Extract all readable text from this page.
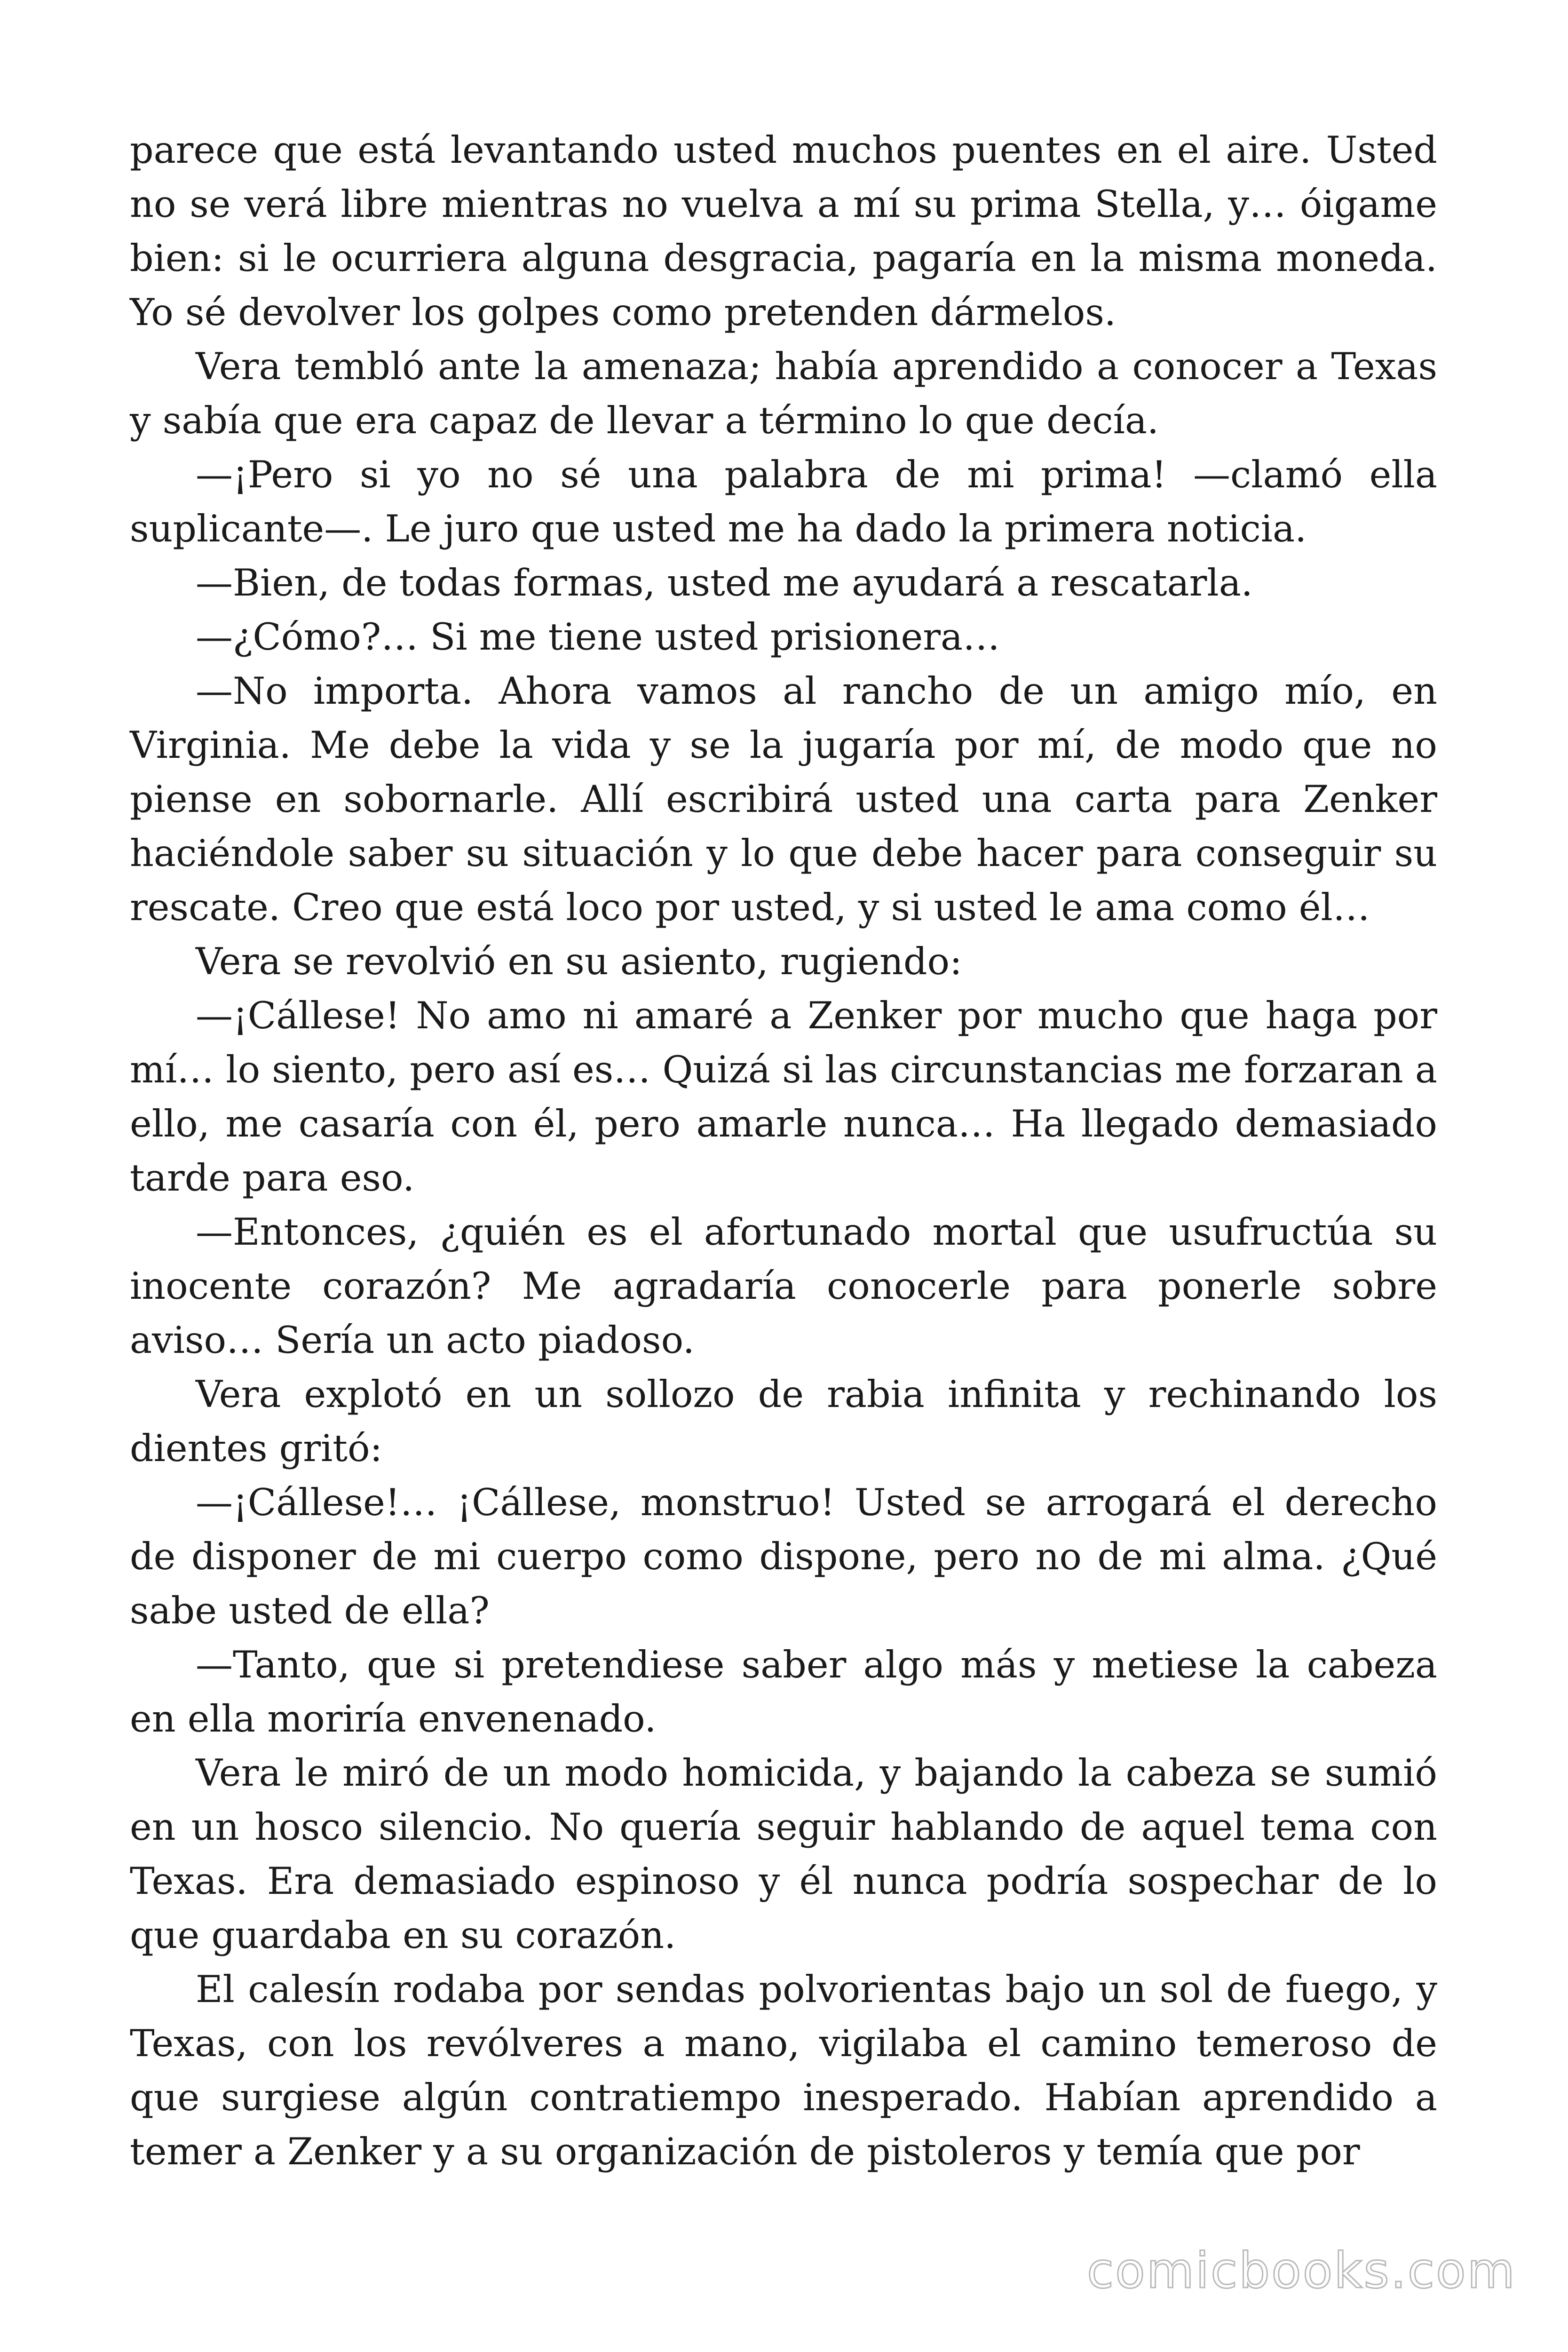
parece que está levantando usted muchos puentes en el aire. Usted no se verá libre mientras no vuelva a mí su prima Stella, y… óigame bien: si le ocurriera alguna desgracia, pagaría en la misma moneda. Yo sé devolver los golpes como pretenden dármelos.

Vera tembló ante la amenaza; había aprendido a conocer a Texas y sabía que era capaz de llevar a término lo que decía.

—¡Pero si yo no sé una palabra de mi prima! —clamó ella suplicante—. Le juro que usted me ha dado la primera noticia.

—Bien, de todas formas, usted me ayudará a rescatarla.

—¿Cómo?… Si me tiene usted prisionera…

—No importa. Ahora vamos al rancho de un amigo mío, en Virginia. Me debe la vida y se la jugaría por mí, de modo que no piense en sobornarle. Allí escribirá usted una carta para Zenker haciéndole saber su situación y lo que debe hacer para conseguir su rescate. Creo que está loco por usted, y si usted le ama como él…

Vera se revolvió en su asiento, rugiendo:

—¡Cállese! No amo ni amaré a Zenker por mucho que haga por mí… lo siento, pero así es… Quizá si las circunstancias me forzaran a ello, me casaría con él, pero amarle nunca… Ha llegado demasiado tarde para eso.

—Entonces, ¿quién es el afortunado mortal que usufructúa su inocente corazón? Me agradaría conocerle para ponerle sobre aviso… Sería un acto piadoso.

Vera explotó en un sollozo de rabia infinita y rechinando los dientes gritó:

—¡Cállese!… ¡Cállese, monstruo! Usted se arrogará el derecho de disponer de mi cuerpo como dispone, pero no de mi alma. ¿Qué sabe usted de ella?

—Tanto, que si pretendiese saber algo más y metiese la cabeza en ella moriría envenenado.

Vera le miró de un modo homicida, y bajando la cabeza se sumió en un hosco silencio. No quería seguir hablando de aquel tema con Texas. Era demasiado espinoso y él nunca podría sospechar de lo que guardaba en su corazón.

El calesín rodaba por sendas polvorientas bajo un sol de fuego, y Texas, con los revólveres a mano, vigilaba el camino temeroso de que surgiese algún contratiempo inesperado. Habían aprendido a temer a Zenker y a su organización de pistoleros y temía que por

comicbooks.com
